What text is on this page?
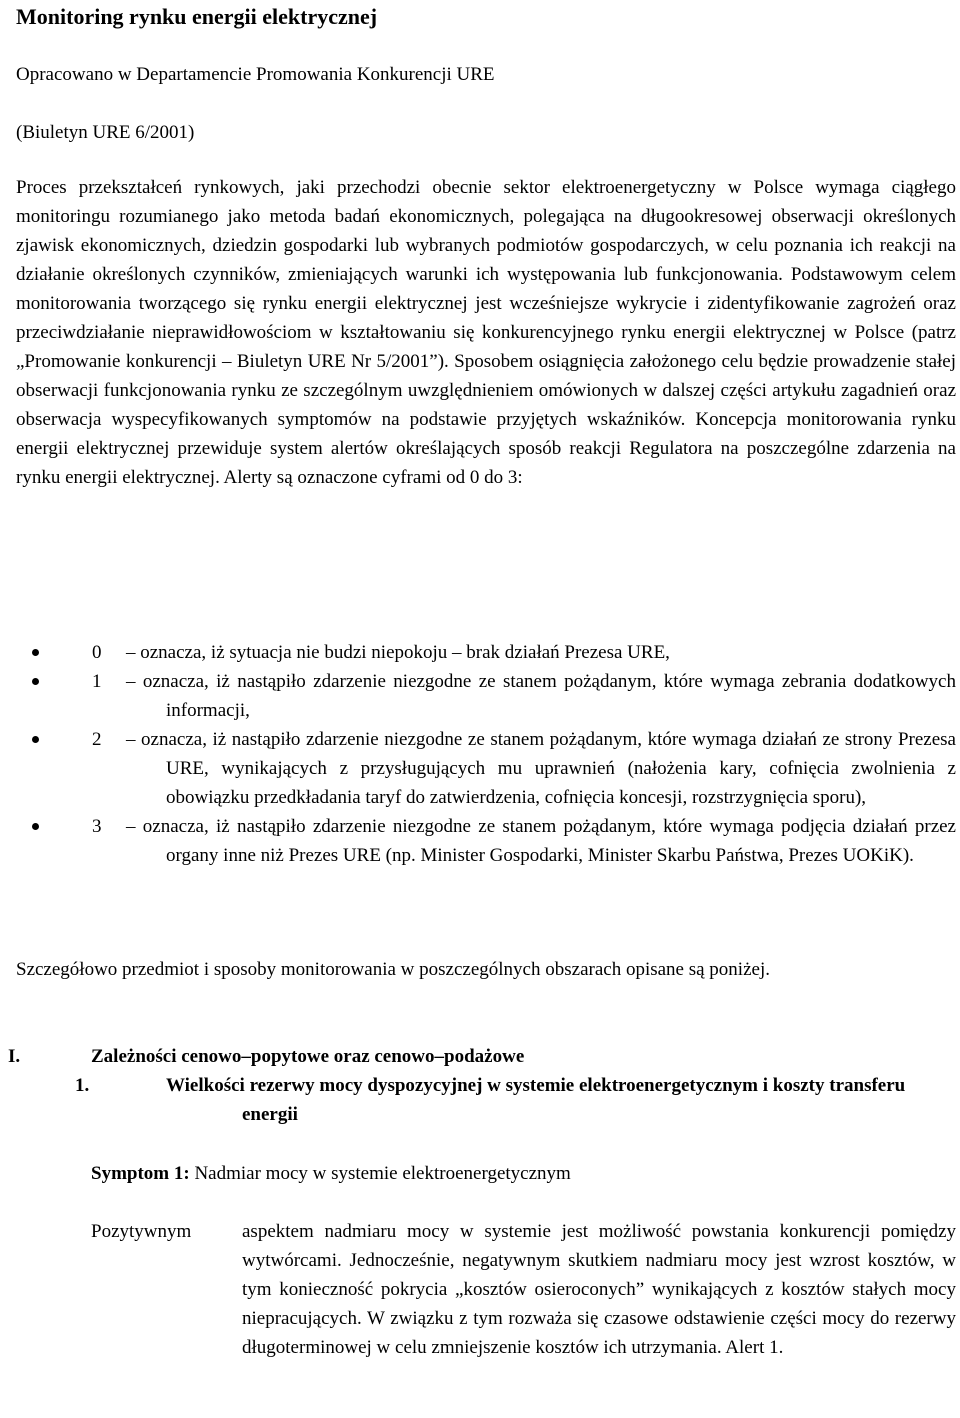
Monitoring rynku energii elektrycznej

Opracowano w Departamencie Promowania Konkurencji URE

(Biuletyn URE 6/2001)

Proces przekształceń rynkowych, jaki przechodzi obecnie sektor elektroenergetyczny w Polsce wymaga ciągłego monitoringu rozumianego jako metoda badań ekonomicznych, polegająca na długookresowej obserwacji określonych zjawisk ekonomicznych, dziedzin gospodarki lub wybranych podmiotów gospodarczych, w celu poznania ich reakcji na działanie określonych czynników, zmieniających warunki ich występowania lub funkcjonowania. Podstawowym celem monitorowania tworzącego się rynku energii elektrycznej jest wcześniejsze wykrycie i zidentyfikowanie zagrożeń oraz przeciwdziałanie nieprawidłowościom w kształtowaniu się konkurencyjnego rynku energii elektrycznej w Polsce (patrz „Promowanie konkurencji – Biuletyn URE Nr 5/2001”). Sposobem osiągnięcia założonego celu będzie prowadzenie stałej obserwacji funkcjonowania rynku ze szczególnym uwzględnieniem omówionych w dalszej części artykułu zagadnień oraz obserwacja wyspecyfikowanych symptomów na podstawie przyjętych wskaźników. Koncepcja monitorowania rynku energii elektrycznej przewiduje system alertów określających sposób reakcji Regulatora na poszczególne zdarzenia na rynku energii elektrycznej. Alerty są oznaczone cyframi od 0 do 3:

0 – oznacza, iż sytuacja nie budzi niepokoju – brak działań Prezesa URE,
1 – oznacza, iż nastąpiło zdarzenie niezgodne ze stanem pożądanym, które wymaga zebrania dodatkowych informacji,
2 – oznacza, iż nastąpiło zdarzenie niezgodne ze stanem pożądanym, które wymaga działań ze strony Prezesa URE, wynikających z przysługujących mu uprawnień (nałożenia kary, cofnięcia zwolnienia z obowiązku przedkładania taryf do zatwierdzenia, cofnięcia koncesji, rozstrzygnięcia sporu),
3 – oznacza, iż nastąpiło zdarzenie niezgodne ze stanem pożądanym, które wymaga podjęcia działań przez organy inne niż Prezes URE (np. Minister Gospodarki, Minister Skarbu Państwa, Prezes UOKiK).

Szczegółowo przedmiot i sposoby monitorowania w poszczególnych obszarach opisane są poniżej.

I.	Zależności cenowo–popytowe oraz cenowo–podażowe
1.	Wielkości rezerwy mocy dyspozycyjnej w systemie elektroenergetycznym i koszty transferu energii
Symptom 1: Nadmiar mocy w systemie elektroenergetycznym
Pozytywnym	aspektem nadmiaru mocy w systemie jest możliwość powstania konkurencji pomiędzy wytwórcami. Jednocześnie, negatywnym skutkiem nadmiaru mocy jest wzrost kosztów, w tym konieczność pokrycia „kosztów osieroconych” wynikających z kosztów stałych mocy niepracujących. W związku z tym rozważa się czasowe odstawienie części mocy do rezerwy długoterminowej w celu zmniejszenie kosztów ich utrzymania. Alert 1.
